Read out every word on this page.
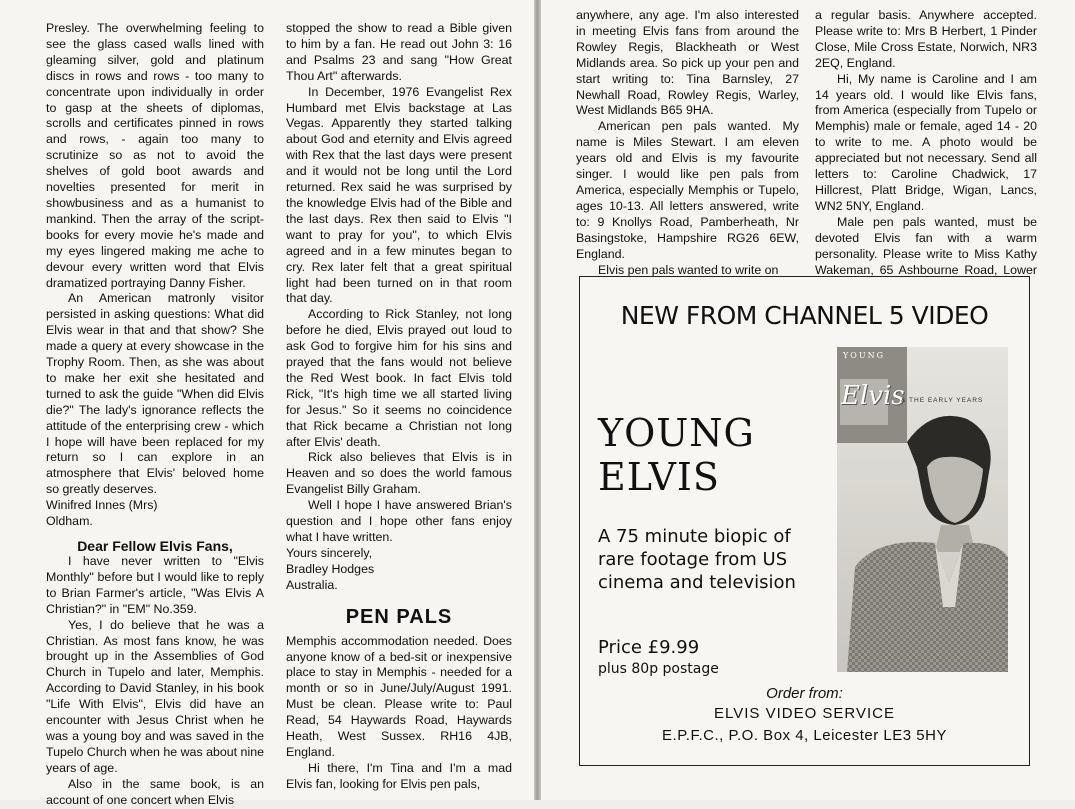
Presley. The overwhelming feeling to see the glass cased walls lined with gleaming silver, gold and platinum discs in rows and rows - too many to concentrate upon individually in order to gasp at the sheets of diplomas, scrolls and certificates pinned in rows and rows, - again too many to scrutinize so as not to avoid the shelves of gold boot awards and novelties presented for merit in showbusiness and as a humanist to mankind. Then the array of the script-books for every movie he's made and my eyes lingered making me ache to devour every written word that Elvis dramatized portraying Danny Fisher.

An American matronly visitor persisted in asking questions: What did Elvis wear in that and that show? She made a query at every showcase in the Trophy Room. Then, as she was about to make her exit she hesitated and turned to ask the guide "When did Elvis die?" The lady's ignorance reflects the attitude of the enterprising crew - which I hope will have been replaced for my return so I can explore in an atmosphere that Elvis' beloved home so greatly deserves.

Winifred Innes (Mrs)

Oldham.

Dear Fellow Elvis Fans,

I have never written to "Elvis Monthly" before but I would like to reply to Brian Farmer's article, "Was Elvis A Christian?" in "EM" No.359.

Yes, I do believe that he was a Christian. As most fans know, he was brought up in the Assemblies of God Church in Tupelo and later, Memphis. According to David Stanley, in his book "Life With Elvis", Elvis did have an encounter with Jesus Christ when he was a young boy and was saved in the Tupelo Church when he was about nine years of age.

Also in the same book, is an account of one concert when Elvis

stopped the show to read a Bible given to him by a fan. He read out John 3: 16 and Psalms 23 and sang "How Great Thou Art" afterwards.

In December, 1976 Evangelist Rex Humbard met Elvis backstage at Las Vegas. Apparently they started talking about God and eternity and Elvis agreed with Rex that the last days were present and it would not be long until the Lord returned. Rex said he was surprised by the knowledge Elvis had of the Bible and the last days. Rex then said to Elvis "I want to pray for you", to which Elvis agreed and in a few minutes began to cry. Rex later felt that a great spiritual light had been turned on in that room that day.

According to Rick Stanley, not long before he died, Elvis prayed out loud to ask God to forgive him for his sins and prayed that the fans would not believe the Red West book. In fact Elvis told Rick, "It's high time we all started living for Jesus." So it seems no coincidence that Rick became a Christian not long after Elvis' death.

Rick also believes that Elvis is in Heaven and so does the world famous Evangelist Billy Graham.

Well I hope I have answered Brian's question and I hope other fans enjoy what I have written.

Yours sincerely,

Bradley Hodges

Australia.

PEN PALS

Memphis accommodation needed. Does anyone know of a bed-sit or inexpensive place to stay in Memphis - needed for a month or so in June/July/August 1991. Must be clean. Please write to: Paul Read, 54 Haywards Road, Haywards Heath, West Sussex. RH16 4JB, England.

Hi there, I'm Tina and I'm a mad Elvis fan, looking for Elvis pen pals,

anywhere, any age. I'm also interested in meeting Elvis fans from around the Rowley Regis, Blackheath or West Midlands area. So pick up your pen and start writing to: Tina Barnsley, 27 Newhall Road, Rowley Regis, Warley, West Midlands B65 9HA.

American pen pals wanted. My name is Miles Stewart. I am eleven years old and Elvis is my favourite singer. I would like pen pals from America, especially Memphis or Tupelo, ages 10-13. All letters answered, write to: 9 Knollys Road, Pamberheath, Nr Basingstoke, Hampshire RG26 6EW, England.

Elvis pen pals wanted to write on

a regular basis. Anywhere accepted. Please write to: Mrs B Herbert, 1 Pinder Close, Mile Cross Estate, Norwich, NR3 2EQ, England.

Hi, My name is Caroline and I am 14 years old. I would like Elvis fans, from America (especially from Tupelo or Memphis) male or female, aged 14 - 20 to write to me. A photo would be appreciated but not necessary. Send all letters to: Caroline Chadwick, 17 Hillcrest, Platt Bridge, Wigan, Lancs, WN2 5NY, England.

Male pen pals wanted, must be devoted Elvis fan with a warm personality. Please write to Miss Kathy Wakeman, 65 Ashbourne Road, Lower

NEW FROM CHANNEL 5 VIDEO
YOUNG
Elvis
& THE EARLY YEARS
YOUNG
ELVIS
A 75 minute biopic of rare footage from US cinema and television
Price £9.99
plus 80p postage
Order from:
ELVIS VIDEO SERVICE
E.P.F.C., P.O. Box 4, Leicester LE3 5HY
